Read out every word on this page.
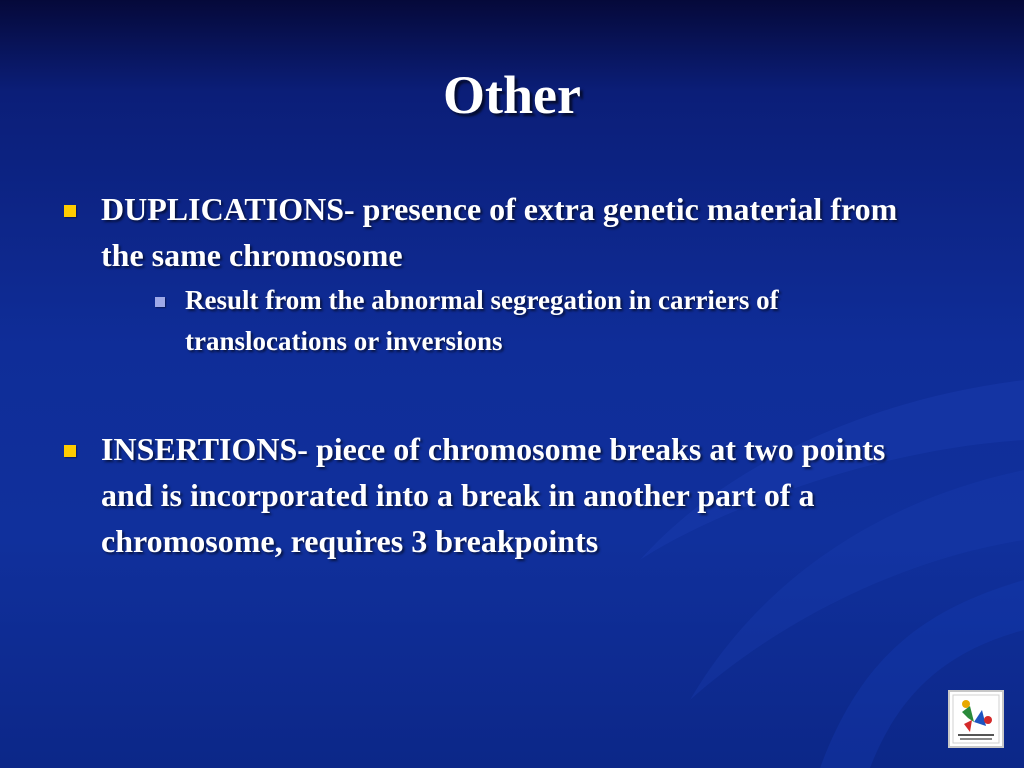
Other
DUPLICATIONS- presence of extra genetic material from the same chromosome
Result from the abnormal segregation in carriers of translocations or inversions
INSERTIONS- piece of chromosome breaks at two points and is incorporated into a break in another part of a chromosome, requires 3 breakpoints
